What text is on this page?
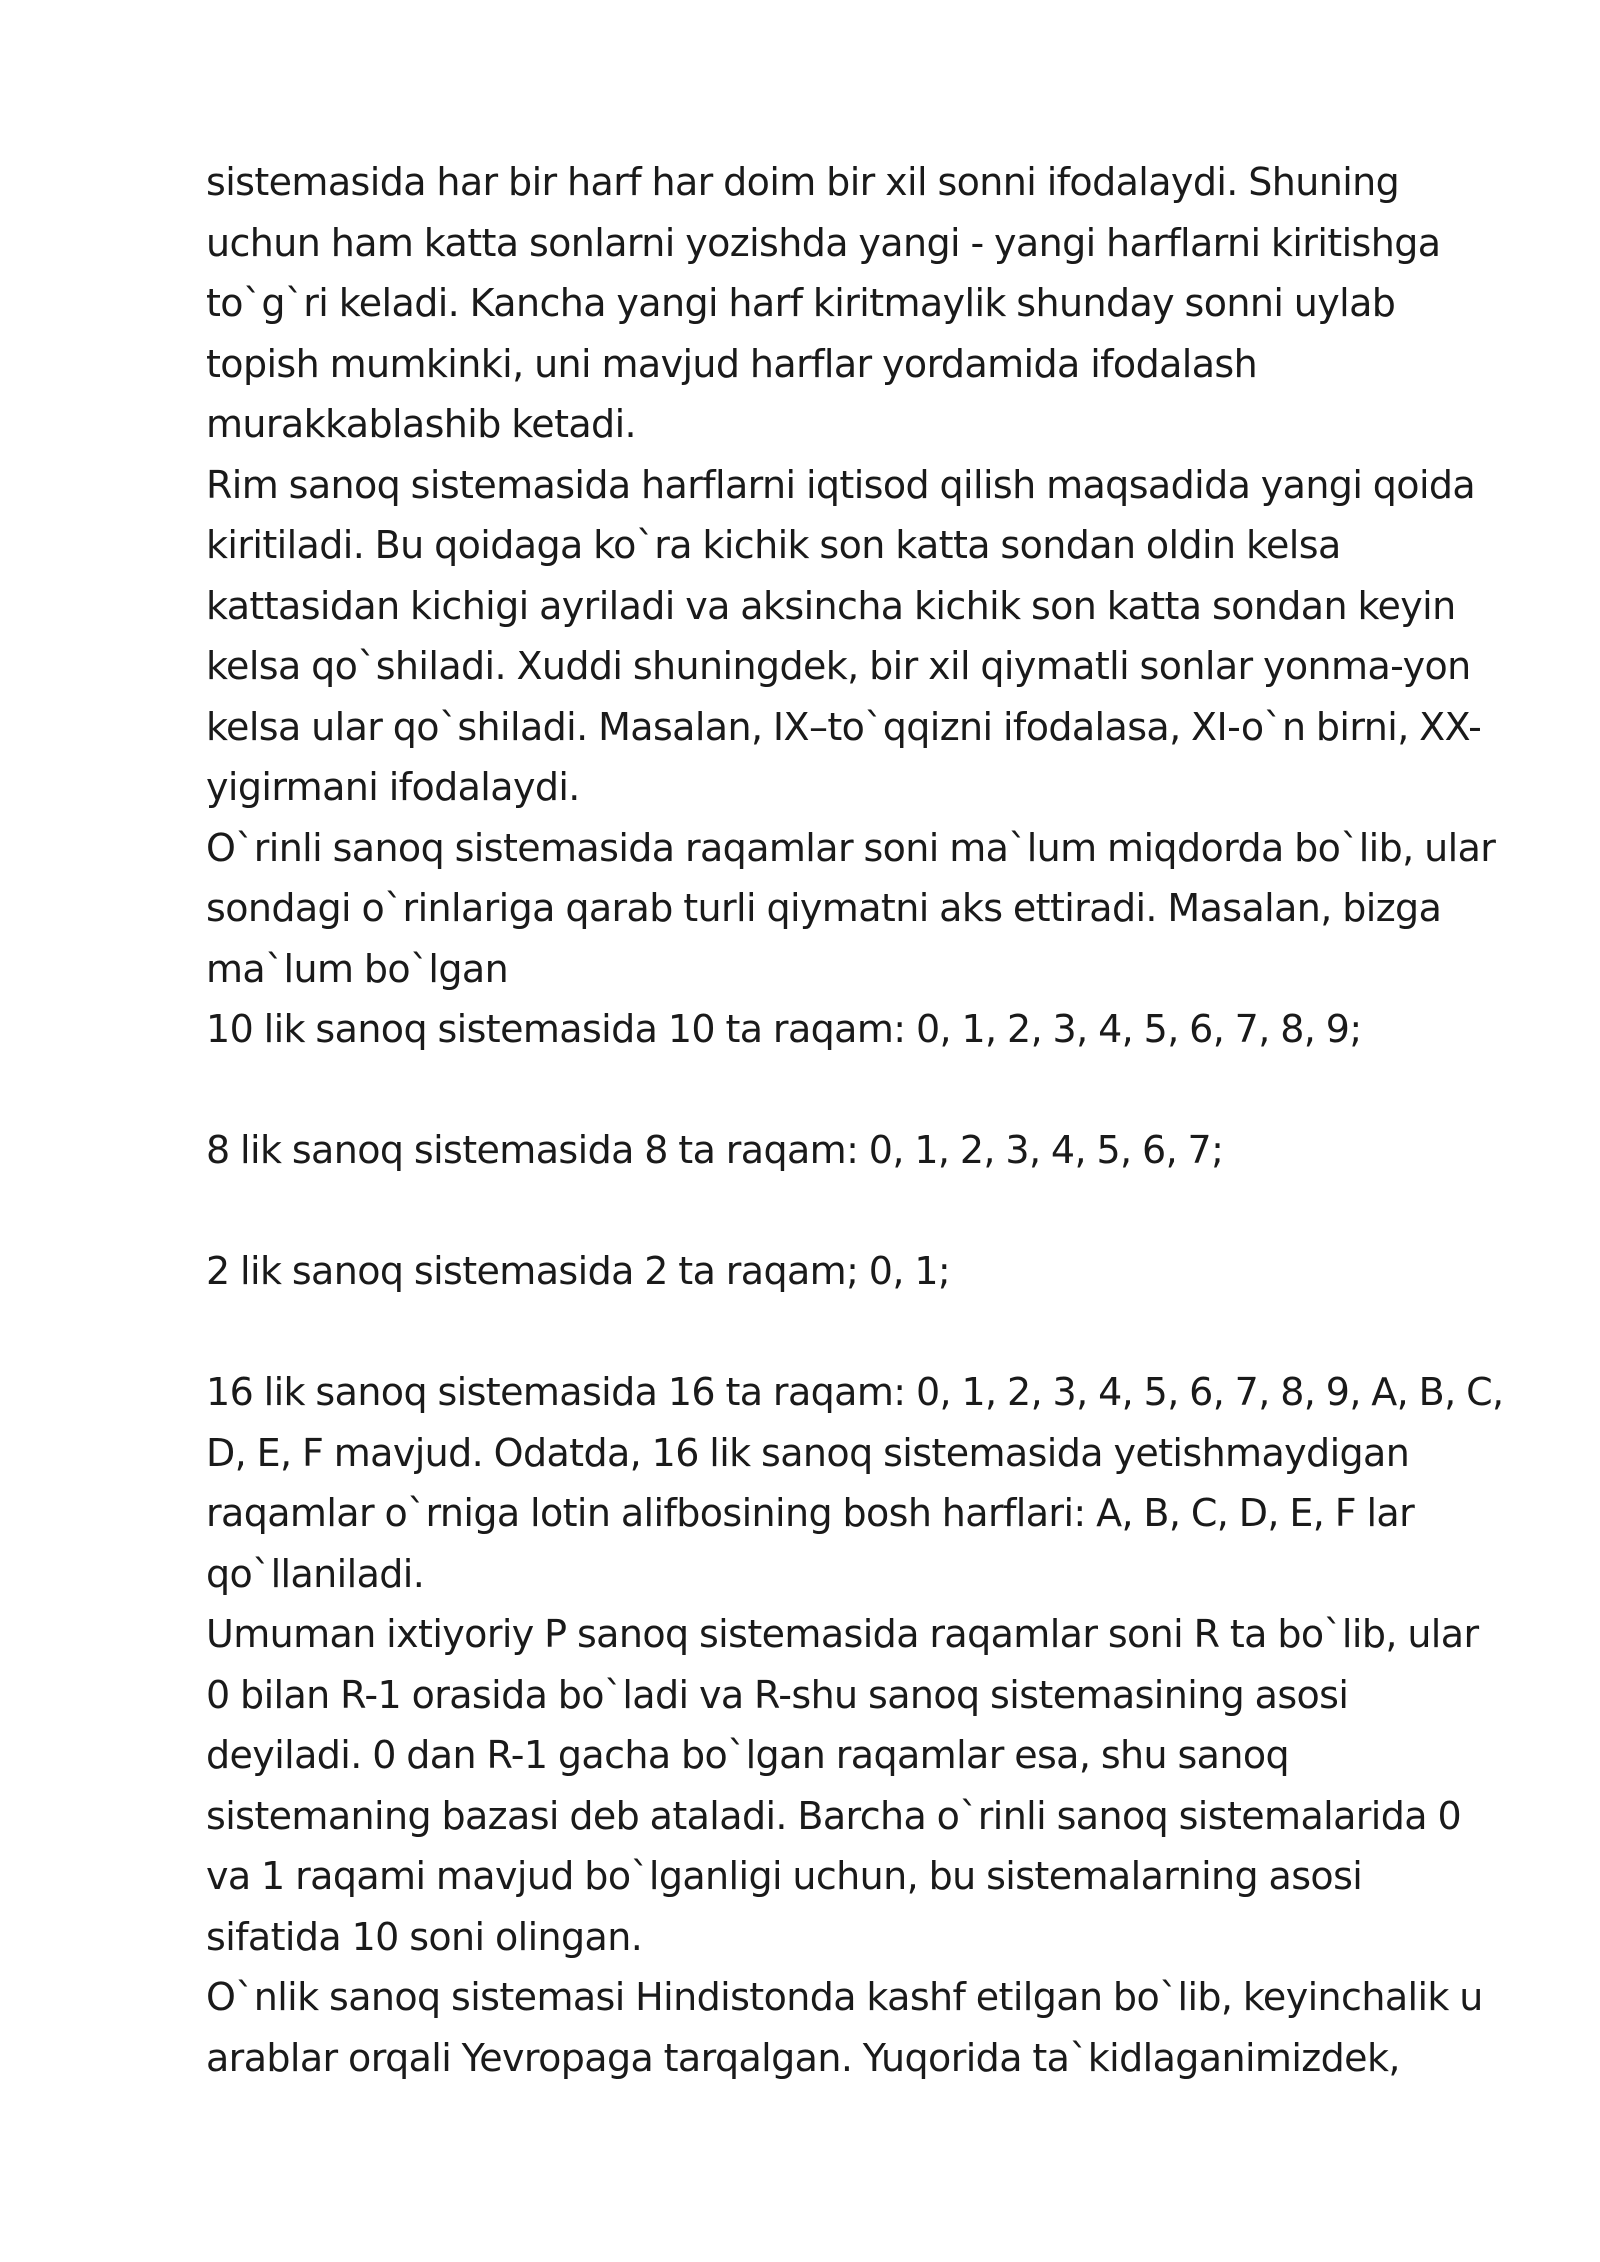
sistemasida har bir harf har doim bir xil sonni ifodalaydi. Shuning uchun ham katta sonlarni yozishda yangi - yangi harflarni kiritishga to`g`ri keladi. Kancha yangi harf kiritmaylik shunday sonni uylab topish mumkinki, uni mavjud harflar yordamida ifodalash murakkablashib ketadi.

Rim sanoq sistemasida harflarni iqtisod qilish maqsadida yangi qoida kiritiladi. Bu qoidaga ko`ra kichik son katta sondan oldin kelsa kattasidan kichigi ayriladi va aksincha kichik son katta sondan keyin kelsa qo`shiladi. Xuddi shuningdek, bir xil qiymatli sonlar yonma-yon kelsa ular qo`shiladi. Masalan, IX–to`qqizni ifodalasa, XI-o`n birni, XX-yigirmani ifodalaydi.

O`rinli sanoq sistemasida raqamlar soni ma`lum miqdorda bo`lib, ular sondagi o`rinlariga qarab turli qiymatni aks ettiradi. Masalan, bizga ma`lum bo`lgan

10 lik sanoq sistemasida 10 ta raqam: 0, 1, 2, 3, 4, 5, 6, 7, 8, 9;

8 lik sanoq sistemasida 8 ta raqam: 0, 1, 2, 3, 4, 5, 6, 7;

2 lik sanoq sistemasida 2 ta raqam; 0, 1;

16 lik sanoq sistemasida 16 ta raqam: 0, 1, 2, 3, 4, 5, 6, 7, 8, 9, A, B, C, D, E, F mavjud. Odatda, 16 lik sanoq sistemasida yetishmaydigan raqamlar o`rniga lotin alifbosining bosh harflari: A, B, C, D, E, F lar qo`llaniladi.

Umuman ixtiyoriy P sanoq sistemasida raqamlar soni R ta bo`lib, ular 0 bilan R-1 orasida bo`ladi va R-shu sanoq sistemasining asosi deyiladi. 0 dan R-1 gacha bo`lgan raqamlar esa, shu sanoq sistemaning bazasi deb ataladi. Barcha o`rinli sanoq sistemalarida 0 va 1 raqami mavjud bo`lganligi uchun, bu sistemalarning asosi sifatida 10 soni olingan.

O`nlik sanoq sistemasi Hindistonda kashf etilgan bo`lib, keyinchalik u arablar orqali Yevropaga tarqalgan. Yuqorida ta`kidlaganimizdek,
